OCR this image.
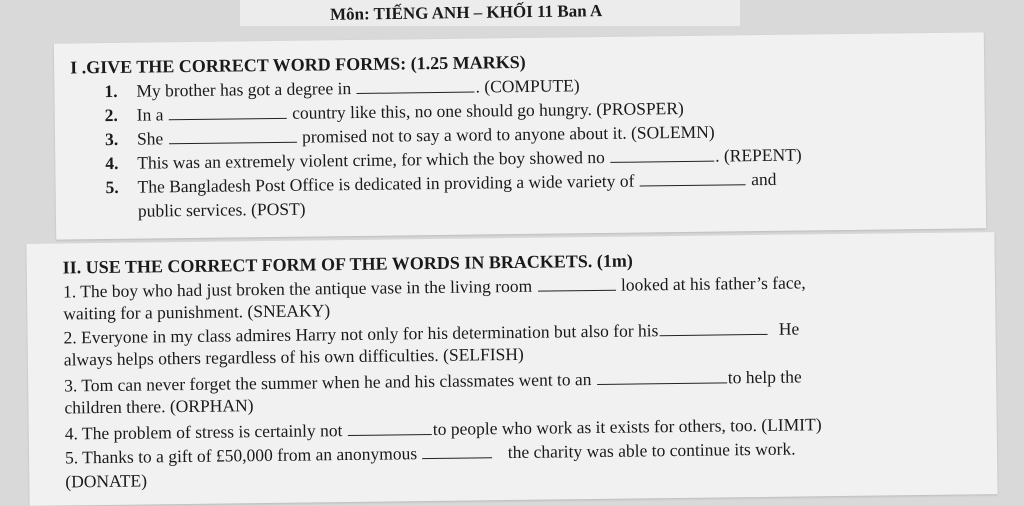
Môn: TIẾNG ANH – KHỐI 11 Ban A
I .GIVE THE CORRECT WORD FORMS: (1.25 MARKS)
1. My brother has got a degree in	. (COMPUTE)
2. In a	country like this, no one should go hungry. (PROSPER)
3. She	promised not to say a word to anyone about it. (SOLEMN)
4. This was an extremely violent crime, for which the boy showed no	. (REPENT)
5. The Bangladesh Post Office is dedicated in providing a wide variety of	and
public services. (POST)
II. USE THE CORRECT FORM OF THE WORDS IN BRACKETS. (1m)
1. The boy who had just broken the antique vase in the living room	looked at his father’s face,
waiting for a punishment. (SNEAKY)
2. Everyone in my class admires Harry not only for his determination but also for his	He
always helps others regardless of his own difficulties. (SELFISH)
3. Tom can never forget the summer when he and his classmates went to an	to help the
children there. (ORPHAN)
4. The problem of stress is certainly not	to people who work as it exists for others, too. (LIMIT)
5. Thanks to a gift of £50,000 from an anonymous	the charity was able to continue its work.
(DONATE)
